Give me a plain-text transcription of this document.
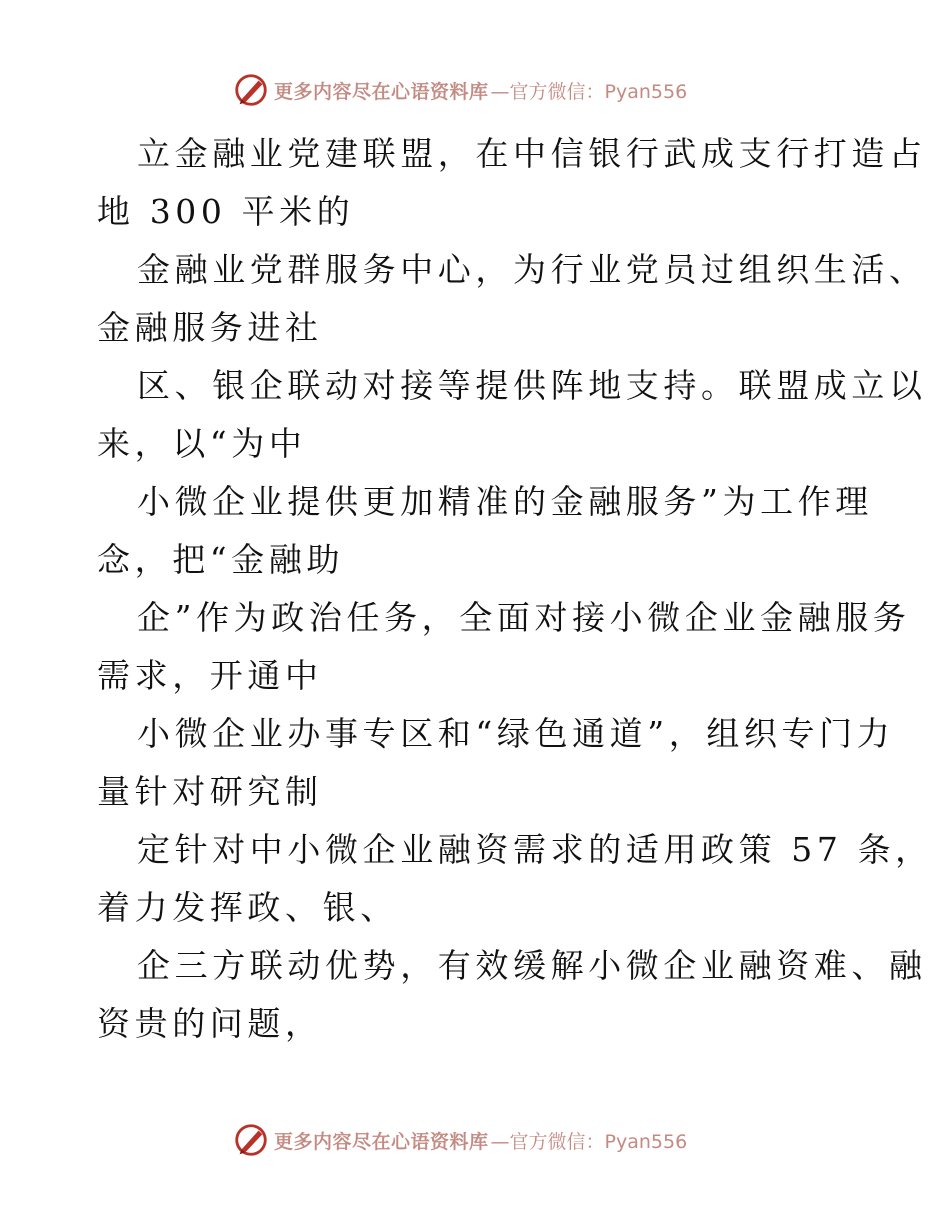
更多内容尽在心语资料库 —官方微信：Pyan556
立金融业党建联盟，在中信银行武成支行打造占
地 300 平米的
金融业党群服务中心，为行业党员过组织生活、
金融服务进社
区、银企联动对接等提供阵地支持。联盟成立以
来，以“为中
小微企业提供更加精准的金融服务”为工作理
念，把“金融助
企”作为政治任务，全面对接小微企业金融服务
需求，开通中
小微企业办事专区和“绿色通道”，组织专门力
量针对研究制
定针对中小微企业融资需求的适用政策 57 条，
着力发挥政、银、
企三方联动优势，有效缓解小微企业融资难、融
资贵的问题，
更多内容尽在心语资料库 —官方微信：Pyan556
